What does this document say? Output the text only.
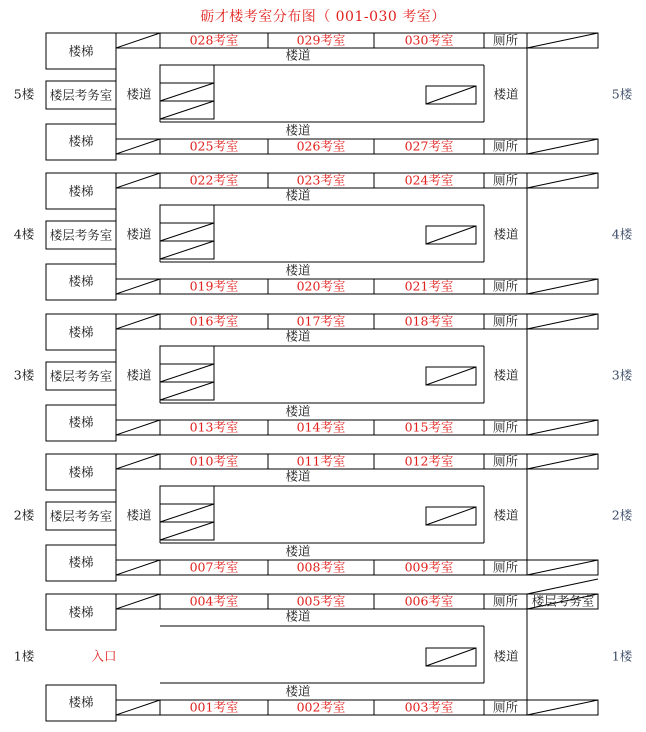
砺才楼考室分布图（ 001-030 考室）
5楼	5楼
028考室	029考室	030考室	厕所
025考室	026考室	027考室	厕所
楼道
楼道
楼梯
楼梯
楼层考务室 楼道	楼道
4楼	4楼
022考室	023考室	024考室	厕所
019考室	020考室	021考室	厕所
楼道
楼道
楼梯
楼梯
楼层考务室 楼道	楼道
3楼	3楼
016考室	017考室	018考室	厕所
013考室	014考室	015考室	厕所
楼道
楼道
楼梯
楼梯
楼层考务室 楼道	楼道
2楼	2楼
010考室	011考室	012考室	厕所
007考室	008考室	009考室	厕所
楼道
楼道
楼梯
楼梯
楼层考务室 楼道	楼道
1楼	1楼
004考室	005考室	006考室	厕所
001考室	002考室	003考室	厕所
楼道
楼道
楼梯
楼梯
入口	楼道
楼层考务室
